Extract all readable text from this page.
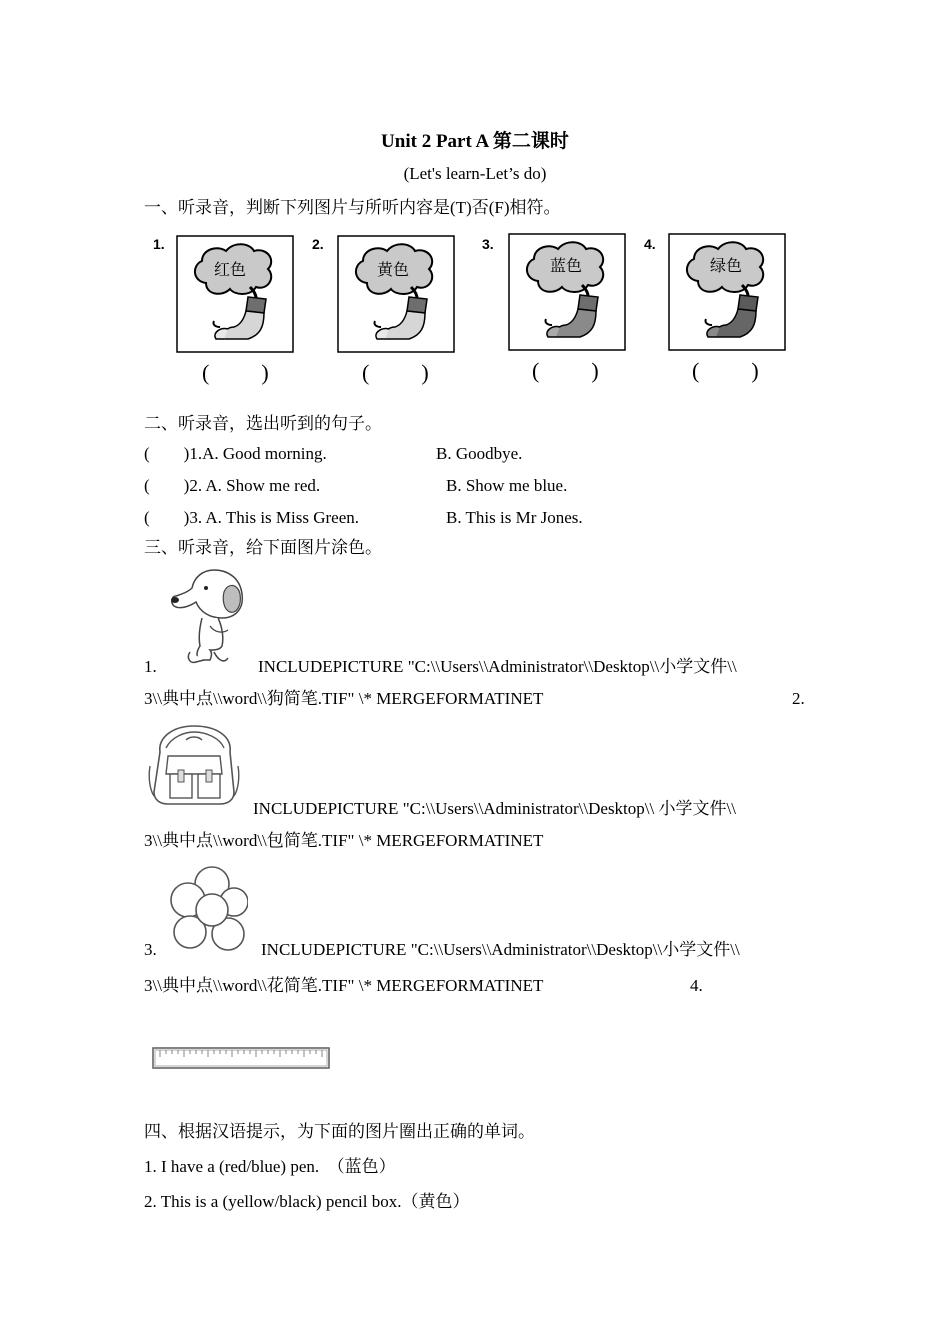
Unit 2 Part A 第二课时
(Let's learn-Let’s do)
一、听录音，判断下列图片与所听内容是(T)否(F)相符。
1.
红色
( )
2.
黄色
( )
3.
蓝色
( )
4.
绿色
( )
二、听录音，选出听到的句子。
(        )1.A. Good morning.	B. Goodbye.
(        )2. A. Show me red.	B. Show me blue.
(        )3. A. This is Miss Green.	B. This is Mr Jones.
三、听录音，给下面图片涂色。
1.	INCLUDEPICTURE "C:\\Users\\Administrator\\Desktop\\小学文件\\
3\\典中点\\word\\狗简笔.TIF" \* MERGEFORMATINET	2.
INCLUDEPICTURE "C:\\Users\\Administrator\\Desktop\\ 小学文件\\
3\\典中点\\word\\包简笔.TIF" \* MERGEFORMATINET
3.	INCLUDEPICTURE "C:\\Users\\Administrator\\Desktop\\小学文件\\
3\\典中点\\word\\花简笔.TIF" \* MERGEFORMATINET	4.
四、根据汉语提示，为下面的图片圈出正确的单词。
1. I have a (red/blue) pen.  （蓝色）
2. This is a (yellow/black) pencil box.（黄色）
